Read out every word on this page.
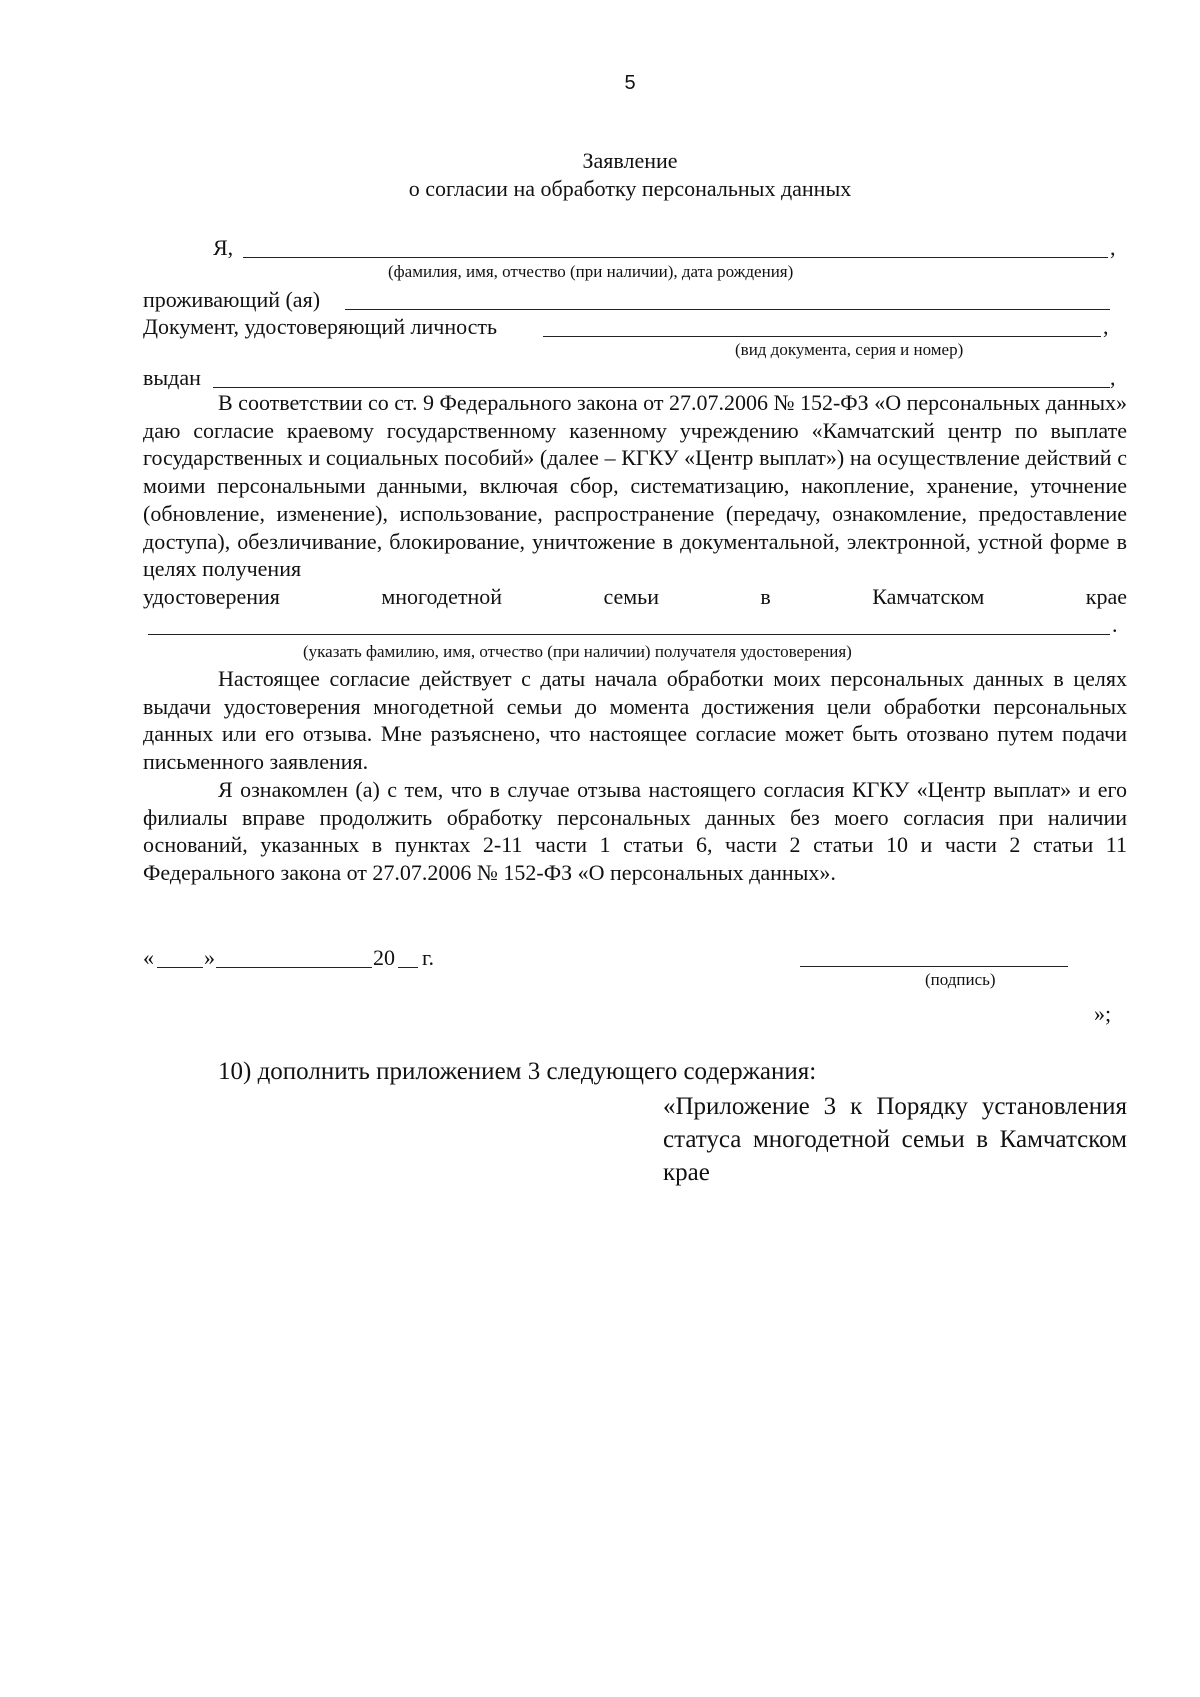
5
Заявление
о согласии на обработку персональных данных
Я,	,
(фамилия, имя, отчество (при наличии), дата рождения)
проживающий (ая)
Документ, удостоверяющий личность	,
(вид документа, серия и номер)
выдан	,
В соответствии со ст. 9 Федерального закона от 27.07.2006 № 152-ФЗ «О персональных данных» даю согласие краевому государственному казенному учреждению «Камчатский центр по выплате государственных и социальных пособий» (далее – КГКУ «Центр выплат») на осуществление действий с моими персональными данными, включая сбор, систематизацию, накопление, хранение, уточнение (обновление, изменение), использование, распространение (передачу, ознакомление, предоставление доступа), обезличивание, блокирование, уничтожение в документальной, электронной, устной форме в целях получения
удостоверения многодетной семьи в Камчатском крае
.
(указать фамилию, имя, отчество (при наличии) получателя удостоверения)
Настоящее согласие действует с даты начала обработки моих персональных данных в целях выдачи удостоверения многодетной семьи до момента достижения цели обработки персональных данных или его отзыва. Мне разъяснено, что настоящее согласие может быть отозвано путем подачи письменного заявления.
Я ознакомлен (а) с тем, что в случае отзыва настоящего согласия КГКУ «Центр выплат» и его филиалы вправе продолжить обработку персональных данных без моего согласия при наличии оснований, указанных в пунктах 2-11 части 1 статьи 6, части 2 статьи 10 и части 2 статьи 11 Федерального закона от 27.07.2006 № 152-ФЗ «О персональных данных».
« »	20 г.
(подпись)
»;
10) дополнить приложением 3 следующего содержания:
«Приложение 3 к Порядку установления статуса многодетной семьи в Камчатском крае
